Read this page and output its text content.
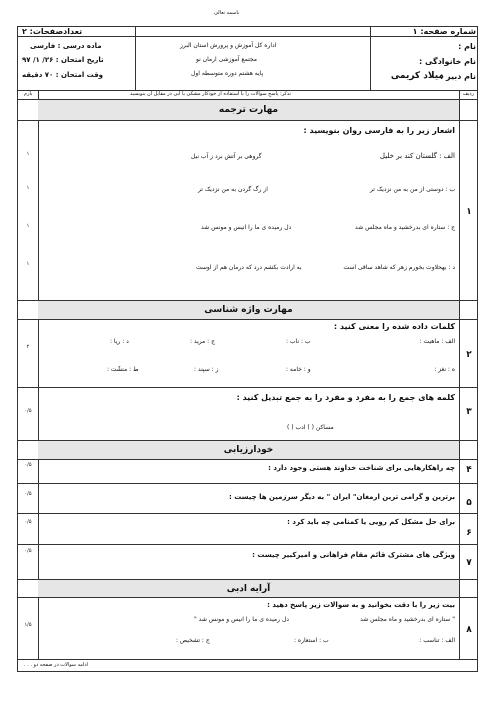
باسمه تعالی
شماره صفحه: ۱
تعدادصفحات: ۲
نام :
نام خانوادگی :
نام دبیر :
میلاد کریمی
اداره کل آموزش و پرورش استان البرز
مجتمع آموزشی ارمان نو
پایه هشتم دوره متوسطه اول
ماده درسی : فارسی
تاریخ امتحان : ۲۶/ ۱/ ۹۷
وقت امتحان : ۷۰ دقیقه
ردیف
تذکر: پاسخ سوالات را با استفاده از خودکار مشکی یا آبی در مقابل آن بنویسید
بارم
مهارت ترجمه
اشعار زیر را به فارسی روان بنویسید :
الف : گلستان کند بر خلیل
گروهی بر آتش برد ز آب نیل
ب : دوستی از من به من نزدیک تر
از رگ گردن به من نزدیک تر
ج : ستاره ای بدرخشید و ماه مجلس شد
دل رمیده ی ما را انیس و مونس شد
د : بهحلاوت بخورم زهر که شاهد ساقی است
به ارادت بکشم درد که درمان هم از اوست
۱
۱
۱
۱
۱
مهارت واژه شناسی
کلمات داده شده را معنی کنید :
الف : ماهیت :
ب : ناب :
ج : مرید :
د : ریا :
ه : نغز :
و : خامه :
ز : سپند :
ط : منشّت :
۲
۲
کلمه های جمع را به مفرد و مفرد را به جمع تبدیل کنید :
مساکن ( ) ادب ( )
۳
۰/۵
خودارزیابی
چه راهکارهایی برای شناخت خداوند هستی وجود دارد :	۴
۰/۵
برترین و گرامی ترین ارمغان" ایران " به دیگر سرزمین ها چیست :
۵
۰/۵
برای حل مشکل کم رویی یا کمنامی چه باید کرد :
۶
۰/۵
ویژگی های مشترک قائم مقام فراهانی و امیرکبیر چیست :
۷
۰/۵
آرایه ادبی
بیت زیر را با دقت بخوانید و به سوالات زیر پاسخ دهید :
" ستاره ای بدرخشید و ماه مجلس شد
دل رمیده ی ما را انیس و مونس شد "
الف : تناسب :
ب : استعاره :
ج : تشخیص :
۸
۱/۵
ادامه سوالات در صفحه دو . . .
